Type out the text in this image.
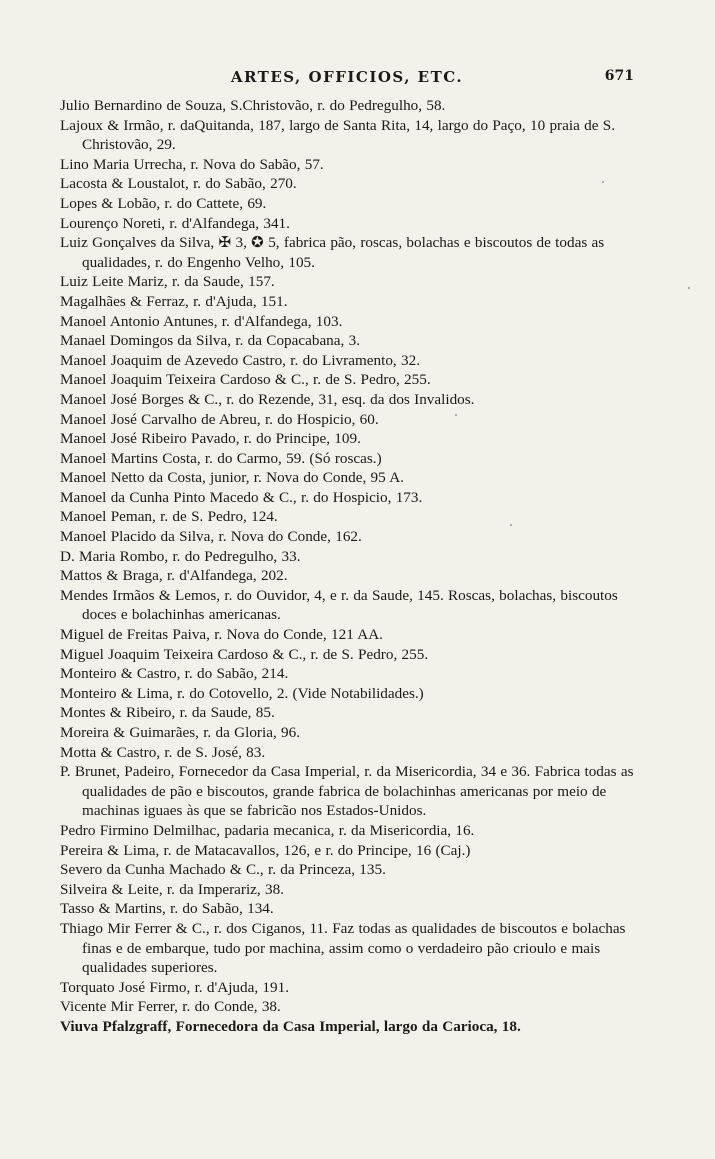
ARTES, OFFICIOS, ETC.	671
Julio Bernardino de Souza, S.Christovão, r. do Pedregulho, 58.
Lajoux & Irmão, r. daQuitanda, 187, largo de Santa Rita, 14, largo do Paço, 10 praia de S. Christovão, 29.
Lino Maria Urrecha, r. Nova do Sabão, 57.
Lacosta & Loustalot, r. do Sabão, 270.
Lopes & Lobão, r. do Cattete, 69.
Lourenço Noreti, r. d'Alfandega, 341.
Luiz Gonçalves da Silva, ✠ 3, ✪ 5, fabrica pão, roscas, bolachas e biscoutos de todas as qualidades, r. do Engenho Velho, 105.
Luiz Leite Mariz, r. da Saude, 157.
Magalhães & Ferraz, r. d'Ajuda, 151.
Manoel Antonio Antunes, r. d'Alfandega, 103.
Manael Domingos da Silva, r. da Copacabana, 3.
Manoel Joaquim de Azevedo Castro, r. do Livramento, 32.
Manoel Joaquim Teixeira Cardoso & C., r. de S. Pedro, 255.
Manoel José Borges & C., r. do Rezende, 31, esq. da dos Invalidos.
Manoel José Carvalho de Abreu, r. do Hospicio, 60.
Manoel José Ribeiro Pavado, r. do Principe, 109.
Manoel Martins Costa, r. do Carmo, 59. (Só roscas.)
Manoel Netto da Costa, junior, r. Nova do Conde, 95 A.
Manoel da Cunha Pinto Macedo & C., r. do Hospicio, 173.
Manoel Peman, r. de S. Pedro, 124.
Manoel Placido da Silva, r. Nova do Conde, 162.
D. Maria Rombo, r. do Pedregulho, 33.
Mattos & Braga, r. d'Alfandega, 202.
Mendes Irmãos & Lemos, r. do Ouvidor, 4, e r. da Saude, 145. Roscas, bolachas, biscoutos doces e bolachinhas americanas.
Miguel de Freitas Paiva, r. Nova do Conde, 121 AA.
Miguel Joaquim Teixeira Cardoso & C., r. de S. Pedro, 255.
Monteiro & Castro, r. do Sabão, 214.
Monteiro & Lima, r. do Cotovello, 2. (Vide Notabilidades.)
Montes & Ribeiro, r. da Saude, 85.
Moreira & Guimarães, r. da Gloria, 96.
Motta & Castro, r. de S. José, 83.
P. Brunet, Padeiro, Fornecedor da Casa Imperial, r. da Misericordia, 34 e 36. Fabrica todas as qualidades de pão e biscoutos, grande fabrica de bolachinhas americanas por meio de machinas iguaes às que se fabricão nos Estados-Unidos.
Pedro Firmino Delmilhac, padaria mecanica, r. da Misericordia, 16.
Pereira & Lima, r. de Matacavallos, 126, e r. do Principe, 16 (Caj.)
Severo da Cunha Machado & C., r. da Princeza, 135.
Silveira & Leite, r. da Imperariz, 38.
Tasso & Martins, r. do Sabão, 134.
Thiago Mir Ferrer & C., r. dos Ciganos, 11. Faz todas as qualidades de biscoutos e bolachas finas e de embarque, tudo por machina, assim como o verdadeiro pão crioulo e mais qualidades superiores.
Torquato José Firmo, r. d'Ajuda, 191.
Vicente Mir Ferrer, r. do Conde, 38.
Viuva Pfalzgraff, Fornecedora da Casa Imperial, largo da Carioca, 18.
